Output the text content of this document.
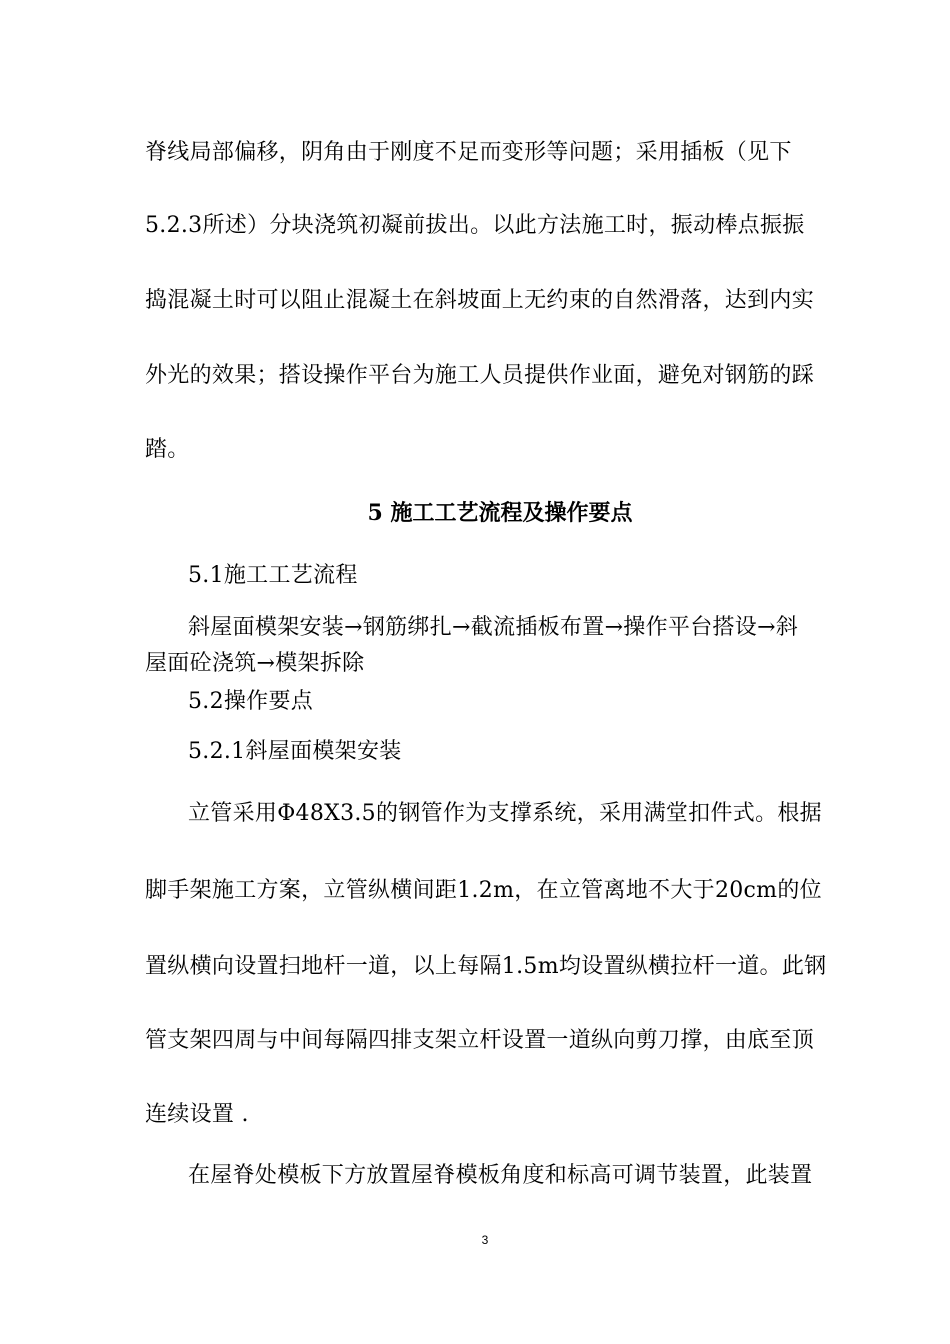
脊线局部偏移，阴角由于刚度不足而变形等问题；采用插板（见下
5.2.3所述）分块浇筑初凝前拔出。以此方法施工时，振动棒点振振
捣混凝土时可以阻止混凝土在斜坡面上无约束的自然滑落，达到内实
外光的效果；搭设操作平台为施工人员提供作业面，避免对钢筋的踩
踏。
5 施工工艺流程及操作要点
5.1施工工艺流程
斜屋面模架安装→钢筋绑扎→截流插板布置→操作平台搭设→斜
屋面砼浇筑→模架拆除
5.2操作要点
5.2.1斜屋面模架安装
立管采用Φ48X3.5的钢管作为支撑系统，采用满堂扣件式。根据
脚手架施工方案，立管纵横间距1.2m，在立管离地不大于20cm的位
置纵横向设置扫地杆一道，以上每隔1.5m均设置纵横拉杆一道。此钢
管支架四周与中间每隔四排支架立杆设置一道纵向剪刀撑，由底至顶
连续设置 .
在屋脊处模板下方放置屋脊模板角度和标高可调节装置，此装置
3
